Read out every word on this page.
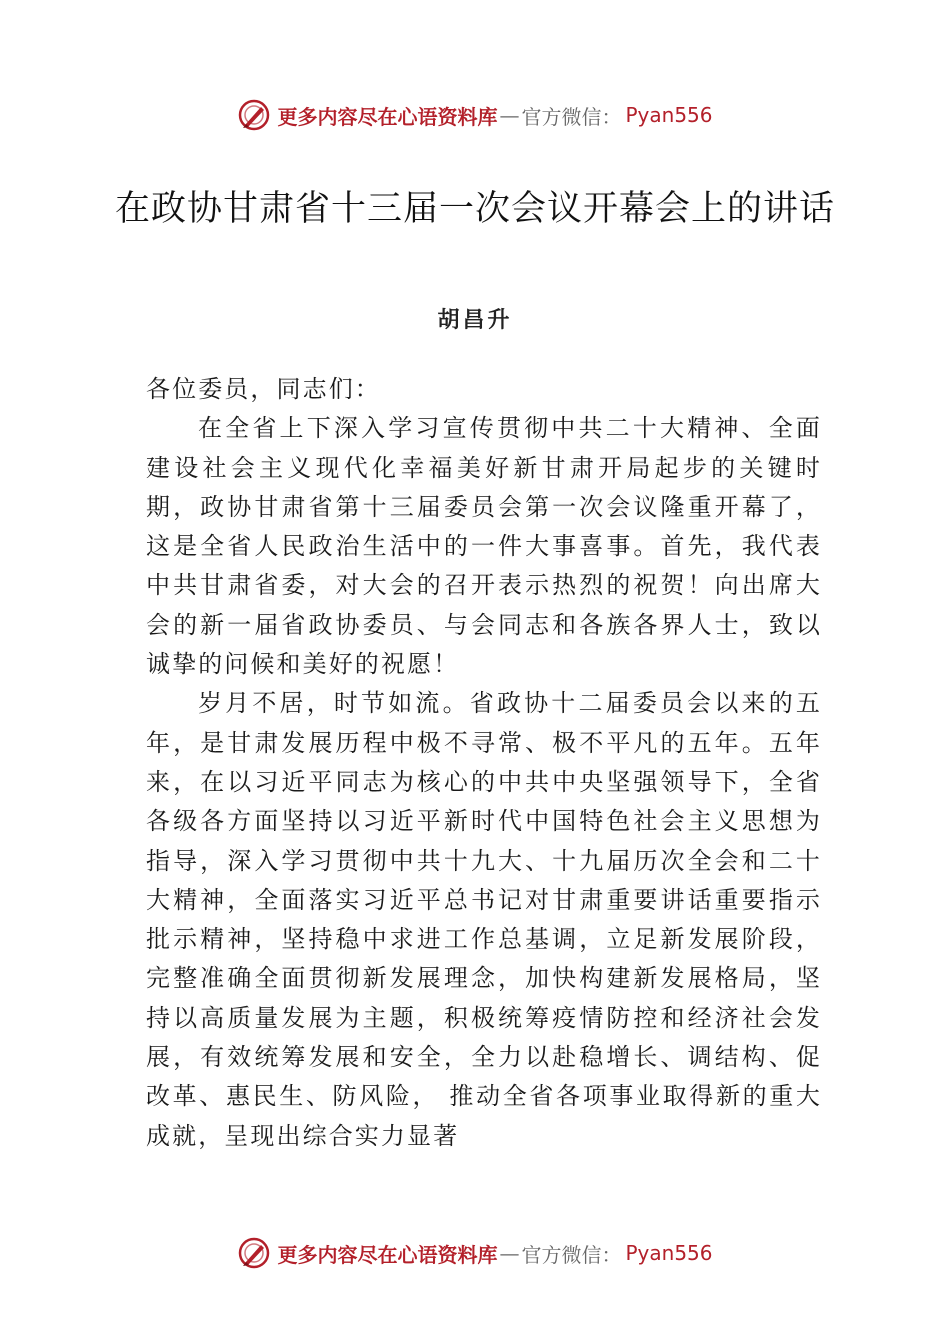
更多内容尽在心语资料库 — 官方微信： Pyan556
在政协甘肃省十三届一次会议开幕会上的讲话
胡昌升

各位委员，同志们：

在全省上下深入学习宣传贯彻中共二十大精神、全面建设社会主义现代化幸福美好新甘肃开局起步的关键时期，政协甘肃省第十三届委员会第一次会议隆重开幕了，这是全省人民政治生活中的一件大事喜事。首先，我代表中共甘肃省委，对大会的召开表示热烈的祝贺！向出席大会的新一届省政协委员、与会同志和各族各界人士，致以诚挚的问候和美好的祝愿！

岁月不居，时节如流。省政协十二届委员会以来的五年，是甘肃发展历程中极不寻常、极不平凡的五年。五年来，在以习近平同志为核心的中共中央坚强领导下，全省各级各方面坚持以习近平新时代中国特色社会主义思想为指导，深入学习贯彻中共十九大、十九届历次全会和二十大精神，全面落实习近平总书记对甘肃重要讲话重要指示批示精神，坚持稳中求进工作总基调，立足新发展阶段，完整准确全面贯彻新发展理念，加快构建新发展格局，坚持以高质量发展为主题，积极统筹疫情防控和经济社会发展，有效统筹发展和安全，全力以赴稳增长、调结构、促改革、惠民生、防风险， 推动全省各项事业取得新的重大成就，呈现出综合实力显著

更多内容尽在心语资料库 — 官方微信： Pyan556
